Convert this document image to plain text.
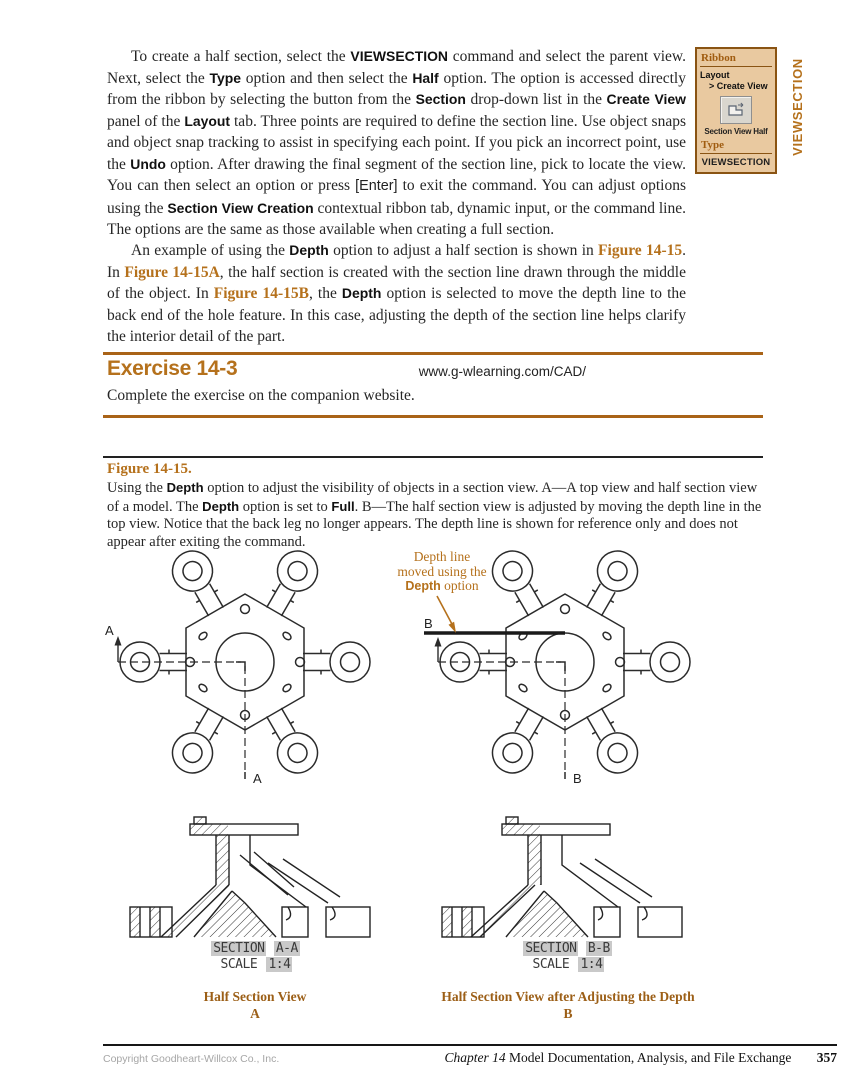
To create a half section, select the VIEWSECTION command and select the parent view. Next, select the Type option and then select the Half option. The option is accessed directly from the ribbon by selecting the button from the Section drop-down list in the Create View panel of the Layout tab. Three points are required to define the section line. Use object snaps and object snap tracking to assist in specifying each point. If you pick an incorrect point, use the Undo option. After drawing the final segment of the section line, pick to locate the view. You can then select an option or press [Enter] to exit the command. You can adjust options using the Section View Creation contextual ribbon tab, dynamic input, or the command line. The options are the same as those available when creating a full section.
Ribbon
Layout
> Create View
Section View Half
Type
VIEWSECTION
VIEWSECTION
An example of using the Depth option to adjust a half section is shown in Figure 14-15. In Figure 14-15A, the half section is created with the section line drawn through the middle of the object. In Figure 14-15B, the Depth option is selected to move the depth line to the back end of the hole feature. In this case, adjusting the depth of the section line helps clarify the interior detail of the part.
Exercise 14-3	www.g-wlearning.com/CAD/
Complete the exercise on the companion website.
Figure 14-15.
Using the Depth option to adjust the visibility of objects in a section view. A—A top view and half section view of a model. The Depth option is set to Full. B—The half section view is adjusted by moving the depth line in the top view. Notice that the back leg no longer appears. The depth line is shown for reference only and does not appear after exiting the command.
Depth line
moved using the
Depth option
A
A
B
B
SECTION A-A
SCALE 1:4
SECTION B-B
SCALE 1:4
Half Section View
A
Half Section View after Adjusting the Depth
B
Copyright Goodheart-Willcox Co., Inc.	Chapter 14 Model Documentation, Analysis, and File Exchange 357
